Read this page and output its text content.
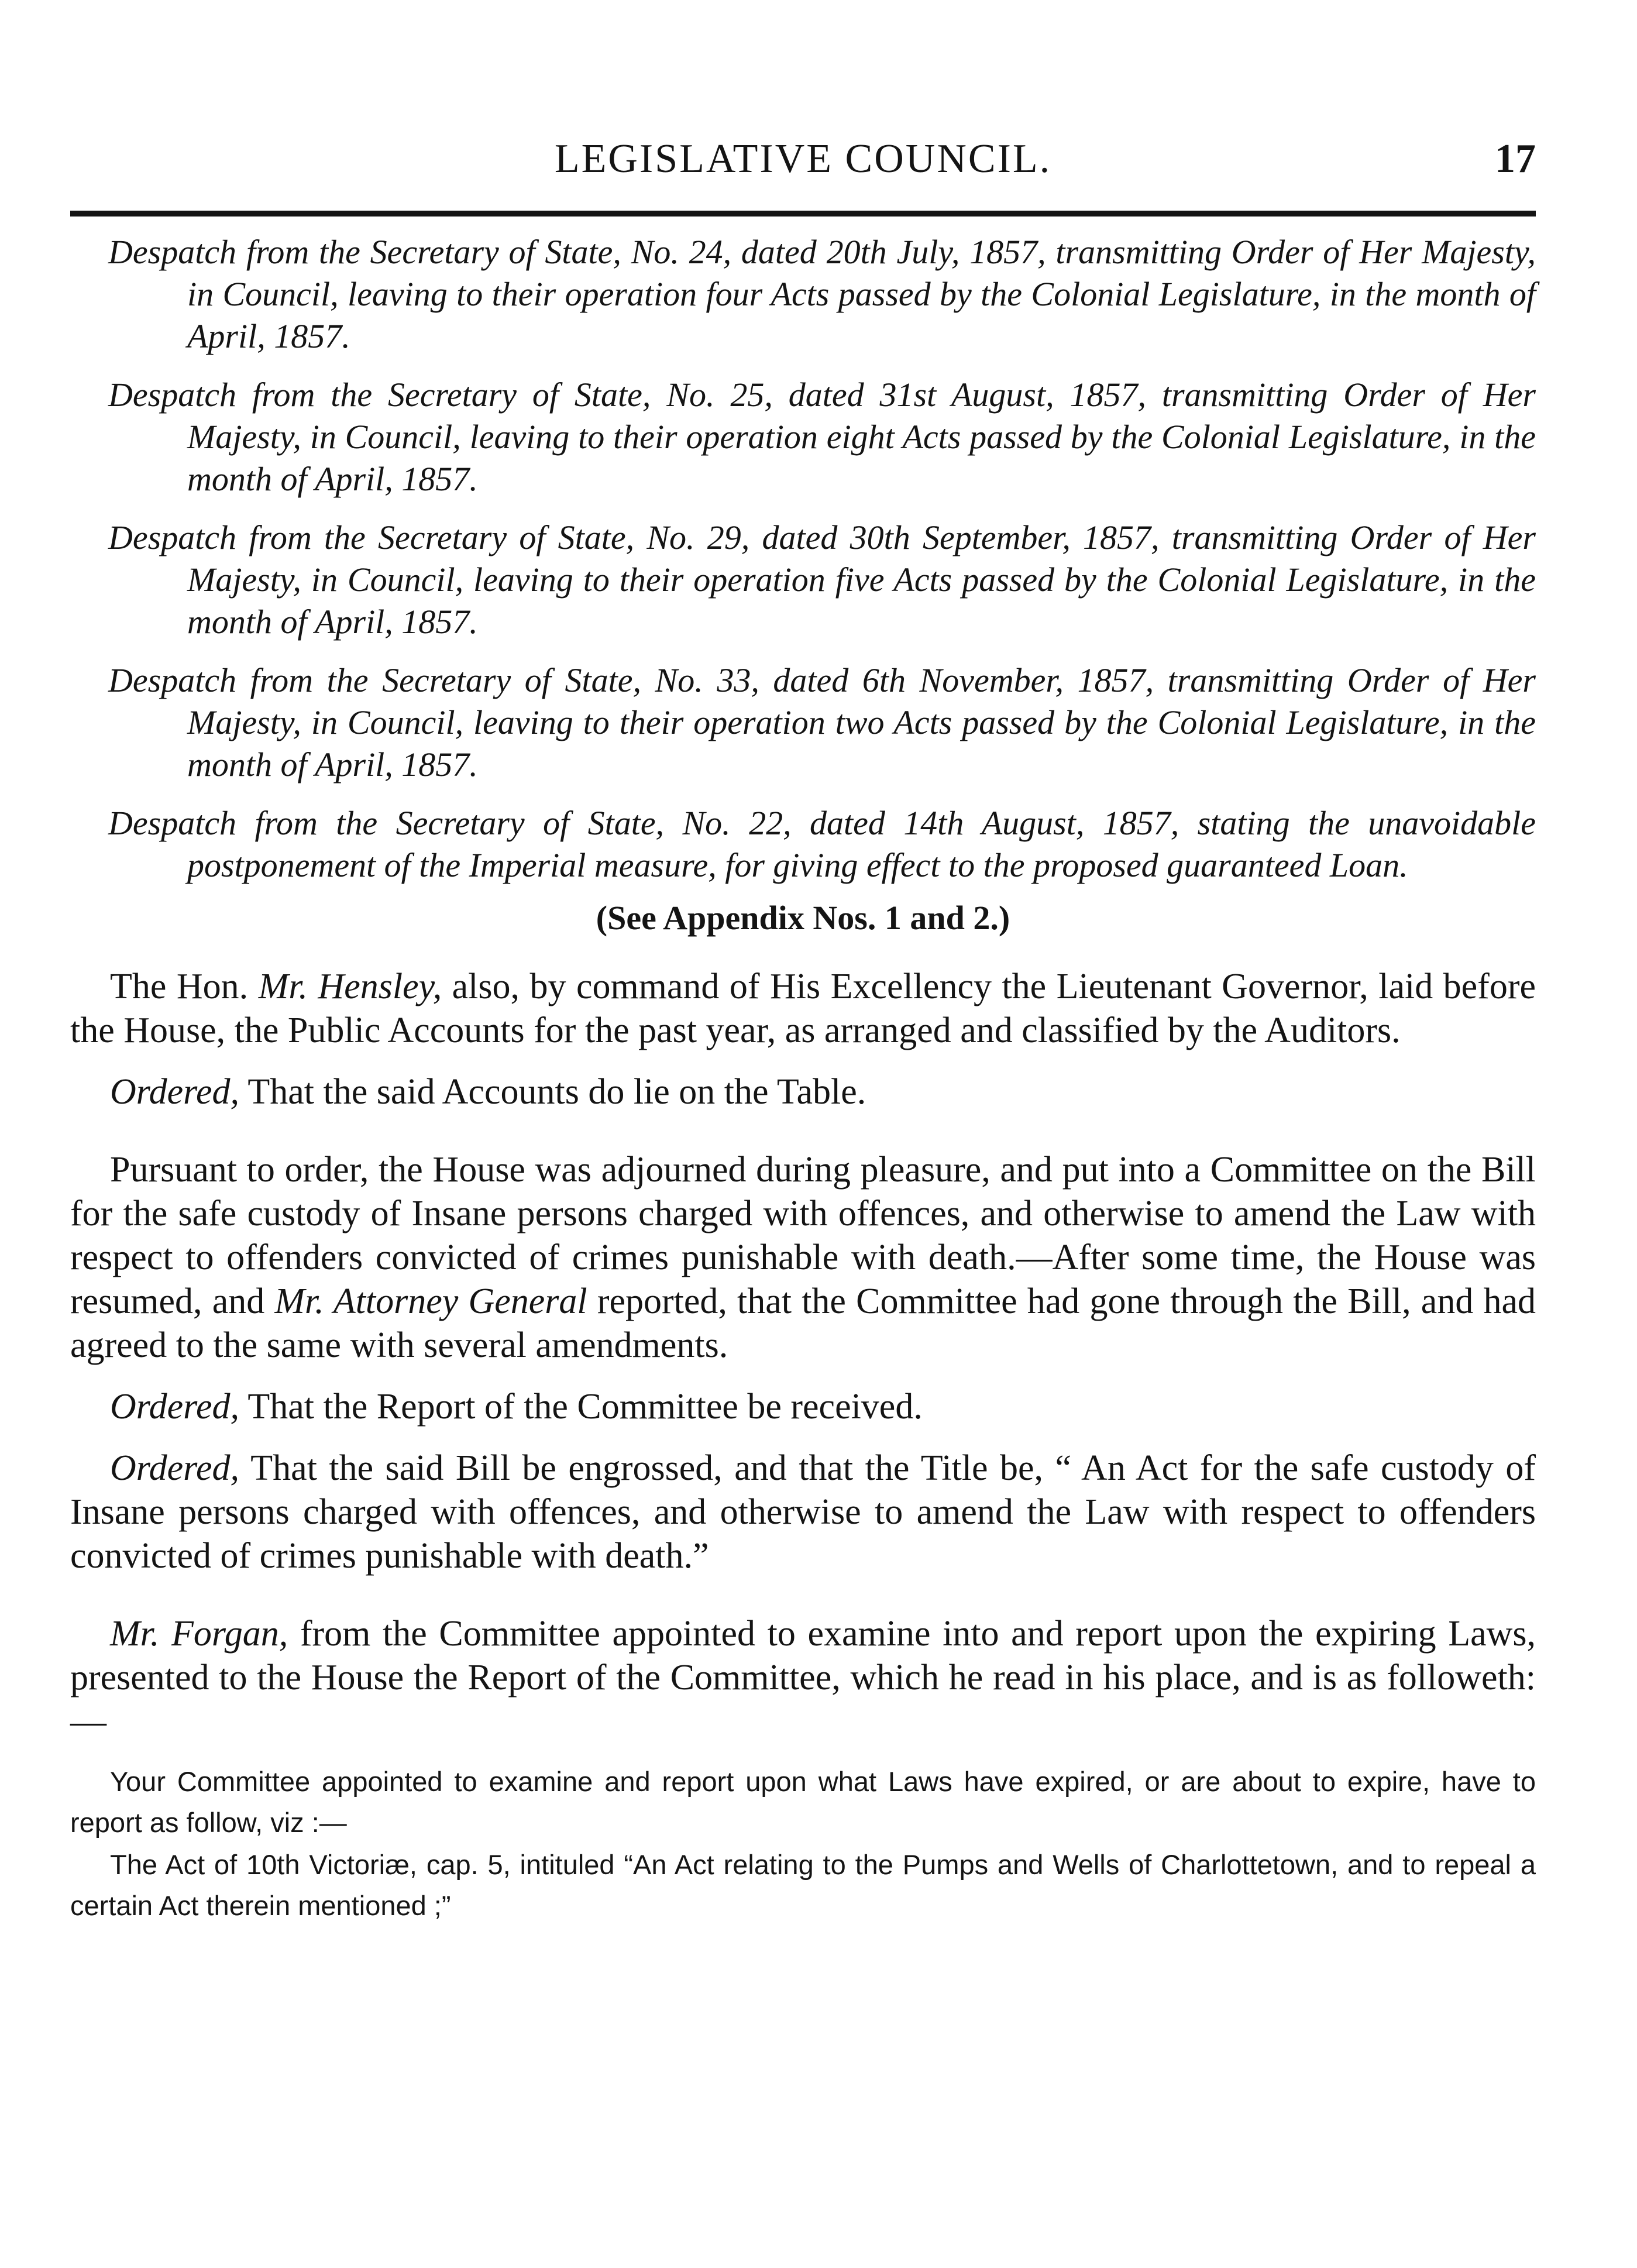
LEGISLATIVE COUNCIL.	17

Despatch from the Secretary of State, No. 24, dated 20th July, 1857, transmitting Order of Her Majesty, in Council, leaving to their operation four Acts passed by the Colonial Legislature, in the month of April, 1857.

Despatch from the Secretary of State, No. 25, dated 31st August, 1857, transmitting Order of Her Majesty, in Council, leaving to their operation eight Acts passed by the Colonial Legislature, in the month of April, 1857.

Despatch from the Secretary of State, No. 29, dated 30th September, 1857, transmitting Order of Her Majesty, in Council, leaving to their operation five Acts passed by the Colonial Legislature, in the month of April, 1857.

Despatch from the Secretary of State, No. 33, dated 6th November, 1857, transmitting Order of Her Majesty, in Council, leaving to their operation two Acts passed by the Colonial Legislature, in the month of April, 1857.

Despatch from the Secretary of State, No. 22, dated 14th August, 1857, stating the unavoidable postponement of the Imperial measure, for giving effect to the proposed guaranteed Loan.

(See Appendix Nos. 1 and 2.)

The Hon. Mr. Hensley, also, by command of His Excellency the Lieutenant Governor, laid before the House, the Public Accounts for the past year, as arranged and classified by the Auditors.

Ordered, That the said Accounts do lie on the Table.

Pursuant to order, the House was adjourned during pleasure, and put into a Committee on the Bill for the safe custody of Insane persons charged with offences, and otherwise to amend the Law with respect to offenders convicted of crimes punishable with death.—After some time, the House was resumed, and Mr. Attorney General reported, that the Committee had gone through the Bill, and had agreed to the same with several amendments.

Ordered, That the Report of the Committee be received.

Ordered, That the said Bill be engrossed, and that the Title be, “ An Act for the safe custody of Insane persons charged with offences, and otherwise to amend the Law with respect to offenders convicted of crimes punishable with death.”

Mr. Forgan, from the Committee appointed to examine into and report upon the expiring Laws, presented to the House the Report of the Committee, which he read in his place, and is as followeth:—

Your Committee appointed to examine and report upon what Laws have expired, or are about to expire, have to report as follow, viz :—

The Act of 10th Victoriæ, cap. 5, intituled “An Act relating to the Pumps and Wells of Charlottetown, and to repeal a certain Act therein mentioned ;”
